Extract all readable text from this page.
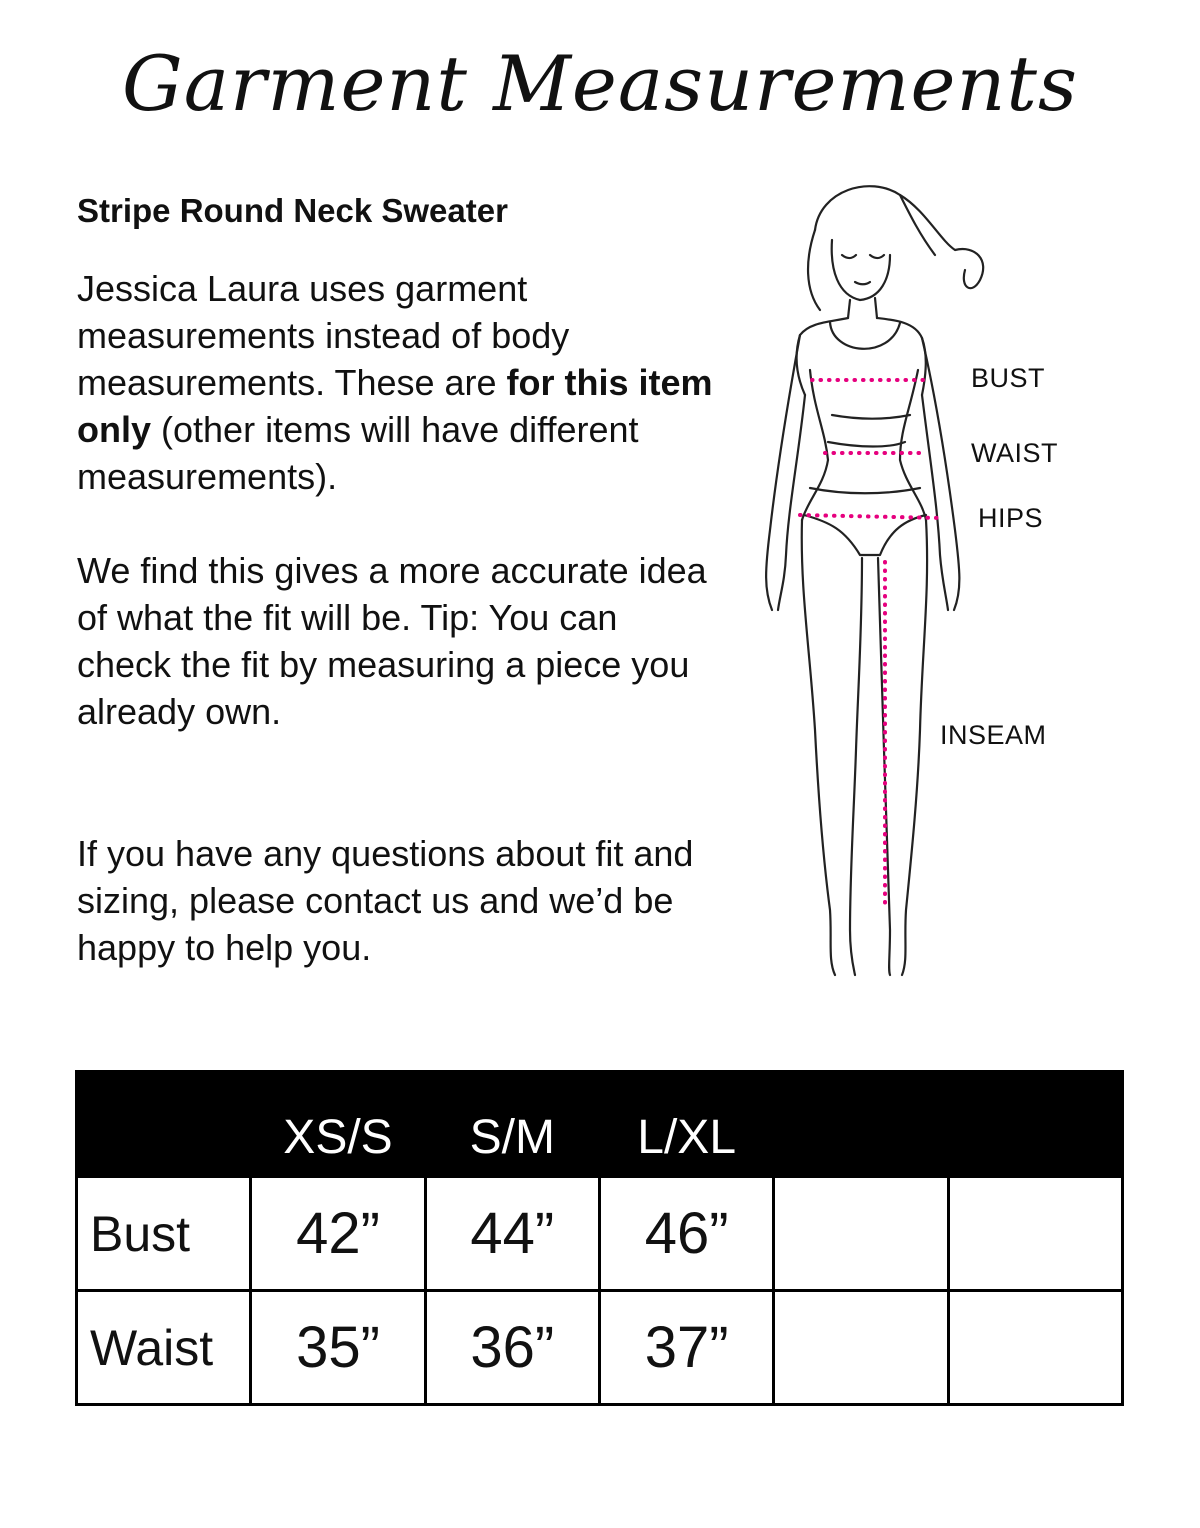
Garment Measurements
Stripe Round Neck Sweater

Jessica Laura uses garment measurements instead of body measurements. These are for this item only (other items will have different measurements).

We find this gives a more accurate idea of what the fit will be. Tip: You can check the fit by measuring a piece you already own.

If you have any questions about fit and sizing, please contact us and we’d be happy to help you.

BUST
WAIST
HIPS
INSEAM
	XS/S	S/M	L/XL		
Bust	42”	44”	46”		
Waist	35”	36”	37”		
